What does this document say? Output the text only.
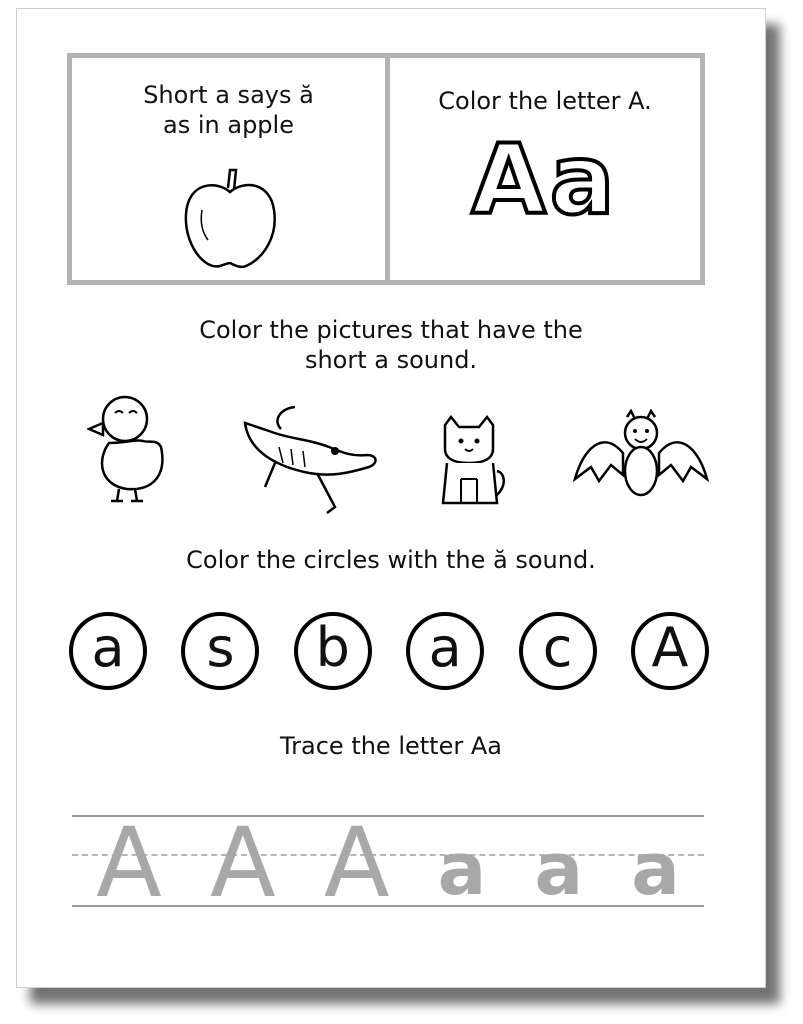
Short a says ă
as in apple
Color the letter A.
Aa
Color the pictures that have the
short a sound.
Color the circles with the ă sound.
a s b a c A
Trace the letter Aa
A A A a a a
